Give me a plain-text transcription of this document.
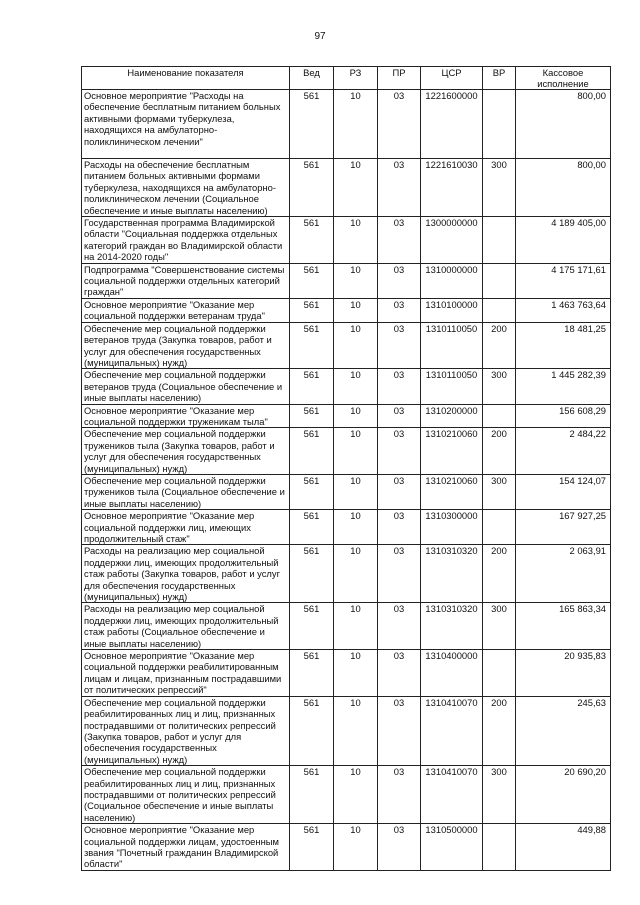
97
Наименование показателя	Вед	РЗ	ПР	ЦСР	ВР	Кассовое исполнение
Основное мероприятие "Расходы на обеспечение бесплатным питанием больных активными формами туберкулеза, находящихся на амбулаторно-поликлиническом лечении"	561	10	03	1221600000		800,00
Расходы на обеспечение бесплатным питанием больных активными формами туберкулеза, находящихся на амбулаторно-поликлиническом лечении (Социальное обеспечение и иные выплаты населению)	561	10	03	1221610030	300	800,00
Государственная программа Владимирской области "Социальная поддержка отдельных категорий граждан во Владимирской области на 2014-2020 годы"	561	10	03	1300000000		4 189 405,00
Подпрограмма "Совершенствование системы социальной поддержки отдельных категорий граждан"	561	10	03	1310000000		4 175 171,61
Основное мероприятие "Оказание мер социальной поддержки ветеранам труда"	561	10	03	1310100000		1 463 763,64
Обеспечение мер социальной поддержки ветеранов труда (Закупка товаров, работ и услуг для обеспечения государственных (муниципальных) нужд)	561	10	03	1310110050	200	18 481,25
Обеспечение мер социальной поддержки ветеранов труда (Социальное обеспечение и иные выплаты населению)	561	10	03	1310110050	300	1 445 282,39
Основное мероприятие "Оказание мер социальной поддержки труженикам тыла"	561	10	03	1310200000		156 608,29
Обеспечение мер социальной поддержки тружеников тыла (Закупка товаров, работ и услуг для обеспечения государственных (муниципальных) нужд)	561	10	03	1310210060	200	2 484,22
Обеспечение мер социальной поддержки тружеников тыла (Социальное обеспечение и иные выплаты населению)	561	10	03	1310210060	300	154 124,07
Основное мероприятие "Оказание мер социальной поддержки лиц, имеющих продолжительный стаж"	561	10	03	1310300000		167 927,25
Расходы на реализацию мер социальной поддержки лиц, имеющих продолжительный стаж работы (Закупка товаров, работ и услуг для обеспечения государственных (муниципальных) нужд)	561	10	03	1310310320	200	2 063,91
Расходы на реализацию мер социальной поддержки лиц, имеющих продолжительный стаж работы (Социальное обеспечение и иные выплаты населению)	561	10	03	1310310320	300	165 863,34
Основное мероприятие "Оказание мер социальной поддержки реабилитированным лицам и лицам, признанным пострадавшими от политических репрессий"	561	10	03	1310400000		20 935,83
Обеспечение мер социальной поддержки реабилитированных лиц и лиц, признанных пострадавшими от политических репрессий (Закупка товаров, работ и услуг для обеспечения государственных (муниципальных) нужд)	561	10	03	1310410070	200	245,63
Обеспечение мер социальной поддержки реабилитированных лиц и лиц, признанных пострадавшими от политических репрессий (Социальное обеспечение и иные выплаты населению)	561	10	03	1310410070	300	20 690,20
Основное мероприятие "Оказание мер социальной поддержки лицам, удостоенным звания "Почетный гражданин Владимирской области"	561	10	03	1310500000		449,88
